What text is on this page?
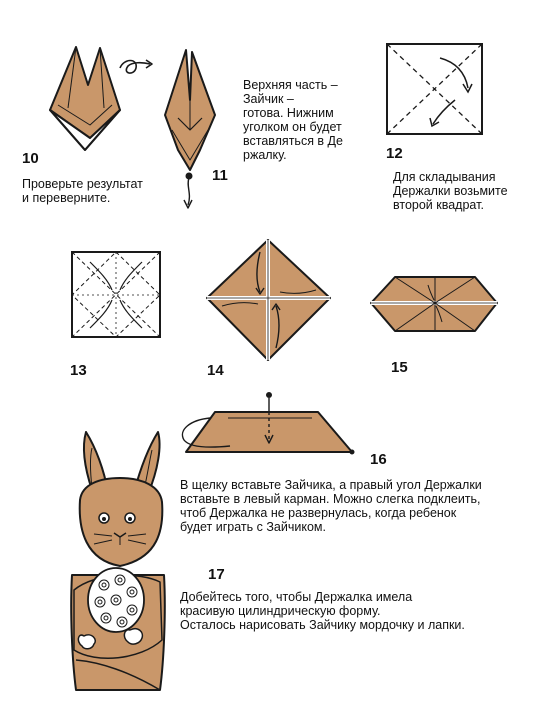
10
Проверьте результат
и переверните.
11
Верхняя часть –
Зайчик –
готова. Нижним
уголком он будет
вставляться в Де
ржалку.	12
Для складывания
Держалки возьмите
второй квадрат.
13	14	15
16
В щелку вставьте Зайчика, а правый угол Держалки
вставьте в левый карман. Можно слегка подклеить,
чтоб Держалка не развернулась, когда ребенок
будет играть с Зайчиком.
17
Добейтесь того, чтобы Держалка имела
красивую цилиндрическую форму.
Осталось нарисовать Зайчику мордочку и лапки.
